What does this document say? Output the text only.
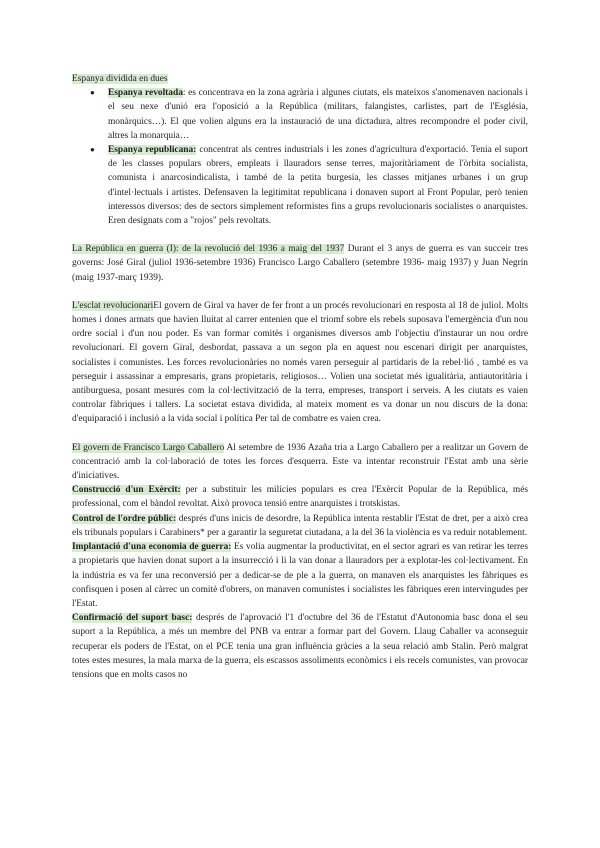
Espanya dividida en dues

● Espanya revoltada: es concentrava en la zona agrària i algunes ciutats, els mateixos s'anomenaven nacionals i el seu nexe d'unió era l'oposició a la República (militars, falangistes, carlistes, part de l'Església, monàrquics…). El que volien alguns era la instauració de una dictadura, altres recompondre el poder civil, altres la monarquia…
● Espanya republicana: concentrat als centres industrials i les zones d'agricultura d'exportació. Tenia el suport de les classes populars obrers, empleats i llauradors sense terres, majoritàriament de l'òrbita socialista, comunista i anarcosindicalista, i també de la petita burgesia, les classes mitjanes urbanes i un grup d'intel·lectuals i artistes. Defensaven la legitimitat republicana i donaven suport al Front Popular, però tenien interessos diversos: des de sectors simplement reformistes fins a grups revolucionaris socialistes o anarquistes. Eren designats com a "rojos" pels revoltats.

La República en guerra (I): de la revolució del 1936 a maig del 1937 Durant el 3 anys de guerra es van succeir tres governs: José Giral (juliol 1936-setembre 1936) Francisco Largo Caballero (setembre 1936- maig 1937) y Juan Negrín (maig 1937-març 1939).

L'esclat revolucionariEl govern de Giral va haver de fer front a un procés revolucionari en resposta al 18 de juliol. Molts homes i dones armats que havien lluitat al carrer entenien que el triomf sobre els rebels suposava l'emergència d'un nou ordre social i d'un nou poder. Es van formar comitès i organismes diversos amb l'objectiu d'instaurar un nou ordre revolucionari. El govern Giral, desbordat, passava a un segon pla en aquest nou escenari dirigit per anarquistes, socialistes i comunistes. Les forces revolucionàries no només varen perseguir al partidaris de la rebel·lió , també es va perseguir i assassinar a empresaris, grans propietaris, religiosos… Volien una societat més igualitària, antiautoritària i antiburguesa, posant mesures com la col·lectivització de la terra, empreses, transport i serveis. A les ciutats es vaien controlar fàbriques i tallers. La societat estava dividida, al mateix moment es va donar un nou discurs de la dona: d'equiparació i inclusió a la vida social i política Per tal de combatre es vaien crea.

El govern de Francisco Largo Caballero Al setembre de 1936 Azaña tria a Largo Caballero per a realitzar un Govern de concentració amb la col·laboració de totes les forces d'esquerra. Este va intentar reconstruir l'Estat amb una sèrie d'iniciatives.

Construcció d'un Exèrcit: per a substituir les milícies populars es crea l'Exèrcit Popular de la República, més professional, com el bàndol revoltat. Això provoca tensió entre anarquistes i trotskistas.

Control de l'ordre públic: després d'uns inicis de desordre, la República intenta restablir l'Estat de dret, per a això crea els tribunals populars i Carabiners* per a garantir la seguretat ciutadana, a la del 36 la violència es va reduir notablement.

Implantació d'una economia de guerra: Es volia augmentar la productivitat, en el sector agrari es van retirar les terres a propietaris que havien donat suport a la insurrecció i li la van donar a llauradors per a explotar-les col·lectivament. En la indústria es va fer una reconversió per a dedicar-se de ple a la guerra, on manaven els anarquistes les fàbriques es confisquen i posen al càrrec un comitè d'obrers, on manaven comunistes i socialistes les fàbriques eren intervingudes per l'Estat.

Confirmació del suport basc: després de l'aprovació l'1 d'octubre del 36 de l'Estatut d'Autonomia basc dona el seu suport a la República, a més un membre del PNB va entrar a formar part del Govern. Llaug Caballer va aconseguir recuperar els poders de l'Estat, on el PCE tenia una gran influència gràcies a la seua relació amb Stalin. Però malgrat totes estes mesures, la mala marxa de la guerra, els escassos assoliments econòmics i els recels comunistes, van provocar tensions que en molts casos no
